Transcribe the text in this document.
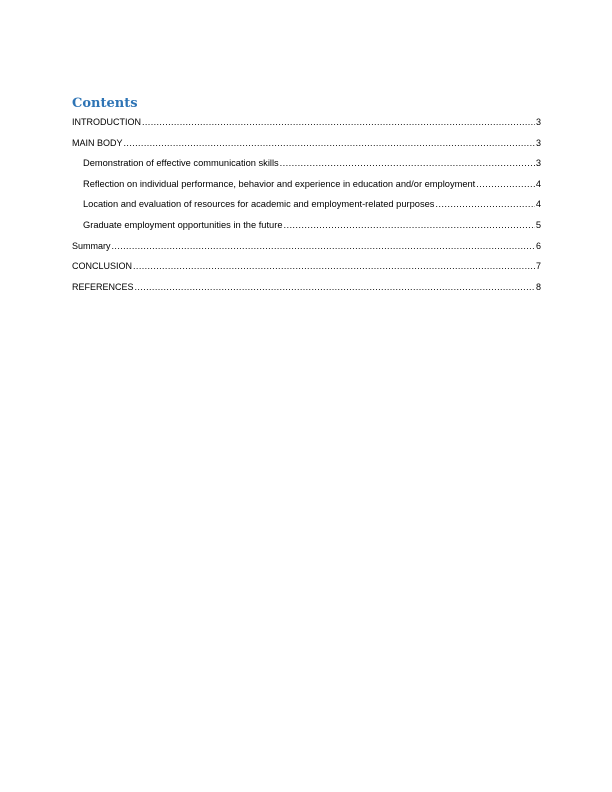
Contents
INTRODUCTION .....	3
MAIN BODY .....	3
Demonstration of effective communication skills .....	3
Reflection on individual performance, behavior and experience in education and/or employment .....	4
Location and evaluation of resources for academic and employment-related purposes .....	4
Graduate employment opportunities in the future .....	5
Summary .....	6
CONCLUSION .....	7
REFERENCES .....	8
